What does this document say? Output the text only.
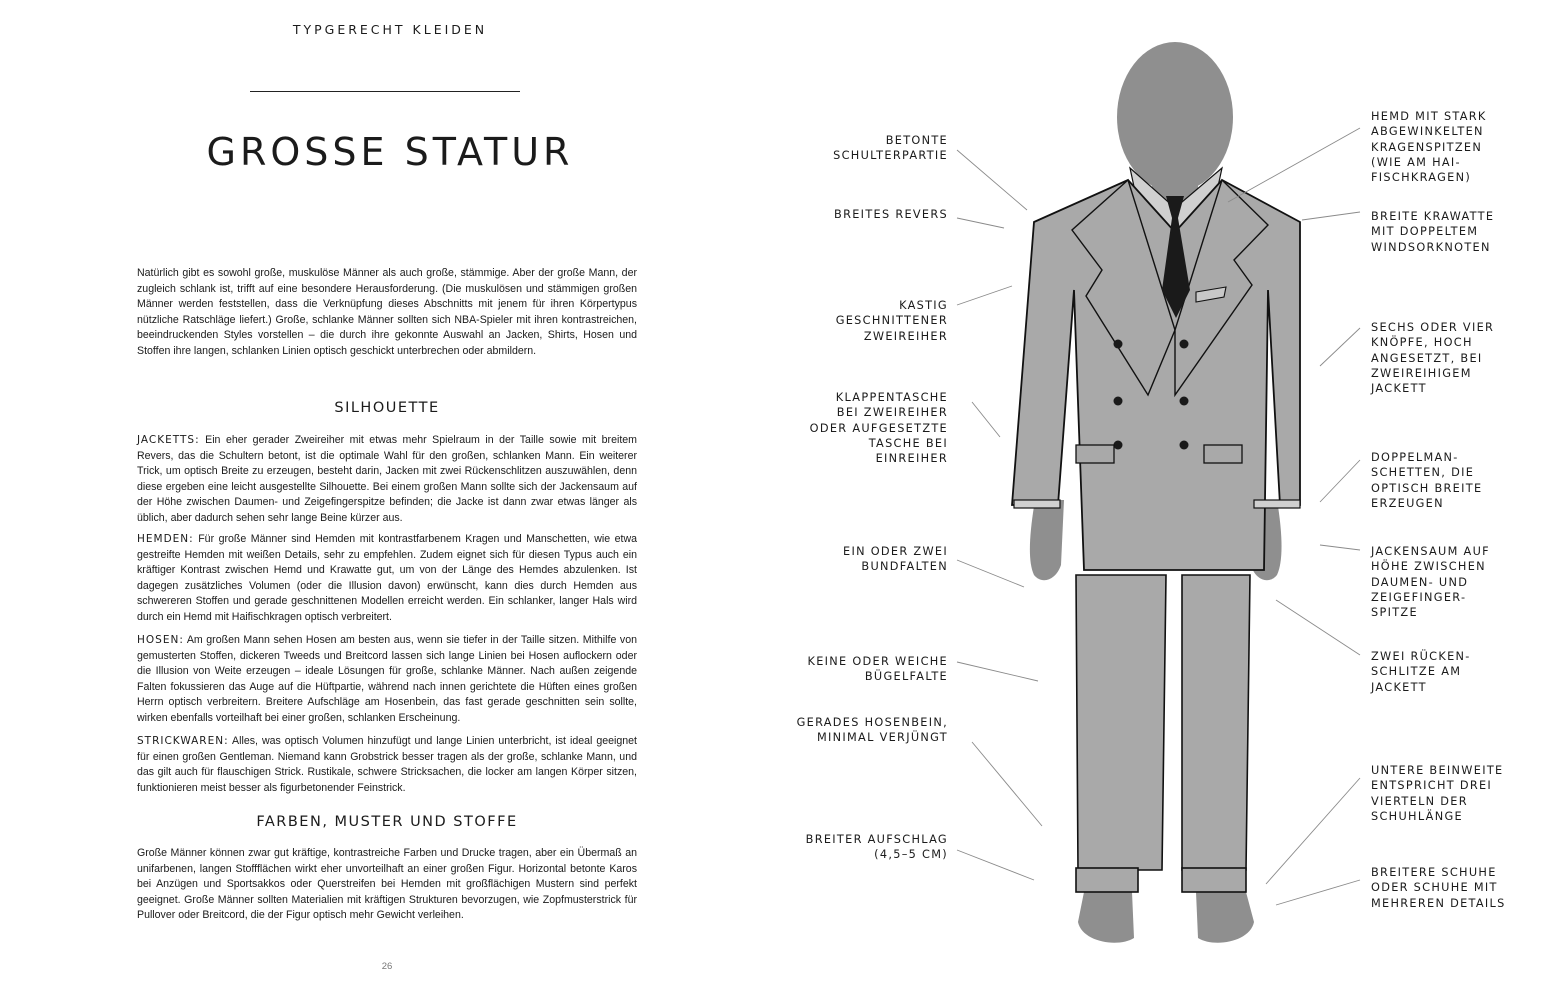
TYPGERECHT KLEIDEN
GROSSE STATUR

Natürlich gibt es sowohl große, muskulöse Männer als auch große, stämmige. Aber der große Mann, der zugleich schlank ist, trifft auf eine besondere Herausforderung. (Die muskulösen und stämmigen großen Männer werden feststellen, dass die Verknüpfung dieses Abschnitts mit jenem für ihren Körpertypus nützliche Ratschläge liefert.) Große, schlanke Männer sollten sich NBA-Spieler mit ihren kontrastreichen, beeindruckenden Styles vorstellen – die durch ihre gekonnte Auswahl an Jacken, Shirts, Hosen und Stoffen ihre langen, schlanken Linien optisch geschickt unterbrechen oder abmildern.

SILHOUETTE

JACKETTS: Ein eher gerader Zweireiher mit etwas mehr Spielraum in der Taille sowie mit breitem Revers, das die Schultern betont, ist die optimale Wahl für den großen, schlanken Mann. Ein weiterer Trick, um optisch Breite zu erzeugen, besteht darin, Jacken mit zwei Rückenschlitzen auszuwählen, denn diese ergeben eine leicht ausgestellte Silhouette. Bei einem großen Mann sollte sich der Jackensaum auf der Höhe zwischen Daumen- und Zeigefingerspitze befinden; die Jacke ist dann zwar etwas länger als üblich, aber dadurch sehen sehr lange Beine kürzer aus.

HEMDEN: Für große Männer sind Hemden mit kontrastfarbenem Kragen und Manschetten, wie etwa gestreifte Hemden mit weißen Details, sehr zu empfehlen. Zudem eignet sich für diesen Typus auch ein kräftiger Kontrast zwischen Hemd und Krawatte gut, um von der Länge des Hemdes abzulenken. Ist dagegen zusätzliches Volumen (oder die Illusion davon) erwünscht, kann dies durch Hemden aus schwereren Stoffen und gerade geschnittenen Modellen erreicht werden. Ein schlanker, langer Hals wird durch ein Hemd mit Haifischkragen optisch verbreitert.

HOSEN: Am großen Mann sehen Hosen am besten aus, wenn sie tiefer in der Taille sitzen. Mithilfe von gemusterten Stoffen, dickeren Tweeds und Breitcord lassen sich lange Linien bei Hosen auflockern oder die Illusion von Weite erzeugen – ideale Lösungen für große, schlanke Männer. Nach außen zeigende Falten fokussieren das Auge auf die Hüftpartie, während nach innen gerichtete die Hüften eines großen Herrn optisch verbreitern. Breitere Aufschläge am Hosenbein, das fast gerade geschnitten sein sollte, wirken ebenfalls vorteilhaft bei einer großen, schlanken Erscheinung.

STRICKWAREN: Alles, was optisch Volumen hinzufügt und lange Linien unterbricht, ist ideal geeignet für einen großen Gentleman. Niemand kann Grobstrick besser tragen als der große, schlanke Mann, und das gilt auch für flauschigen Strick. Rustikale, schwere Stricksachen, die locker am langen Körper sitzen, funktionieren meist besser als figurbetonender Feinstrick.

FARBEN, MUSTER UND STOFFE

Große Männer können zwar gut kräftige, kontrastreiche Farben und Drucke tragen, aber ein Übermaß an unifarbenen, langen Stoffflächen wirkt eher unvorteilhaft an einer großen Figur. Horizontal betonte Karos bei Anzügen und Sportsakkos oder Querstreifen bei Hemden mit großflächigen Mustern sind perfekt geeignet. Große Männer sollten Materialien mit kräftigen Strukturen bevorzugen, wie Zopfmusterstrick für Pullover oder Breitcord, die der Figur optisch mehr Gewicht verleihen.

26

BETONTE
SCHULTERPARTIE

BREITES REVERS

KASTIG
GESCHNITTENER
ZWEIREIHER

KLAPPENTASCHE
BEI ZWEIREIHER
ODER AUFGESETZTE
TASCHE BEI
EINREIHER

EIN ODER ZWEI
BUNDFALTEN

KEINE ODER WEICHE
BÜGELFALTE

GERADES HOSENBEIN,
MINIMAL VERJÜNGT

BREITER AUFSCHLAG
(4,5–5 CM)

HEMD MIT STARK
ABGEWINKELTEN
KRAGENSPITZEN
(WIE AM HAI-
FISCHKRAGEN)

BREITE KRAWATTE
MIT DOPPELTEM
WINDSORKNOTEN

SECHS ODER VIER
KNÖPFE, HOCH
ANGESETZT, BEI
ZWEIREIHIGEM
JACKETT

DOPPELMAN-
SCHETTEN, DIE
OPTISCH BREITE
ERZEUGEN

JACKENSAUM AUF
HÖHE ZWISCHEN
DAUMEN- UND
ZEIGEFINGER-
SPITZE

ZWEI RÜCKEN-
SCHLITZE AM
JACKETT

UNTERE BEINWEITE
ENTSPRICHT DREI
VIERTELN DER
SCHUHLÄNGE

BREITERE SCHUHE
ODER SCHUHE MIT
MEHREREN DETAILS
